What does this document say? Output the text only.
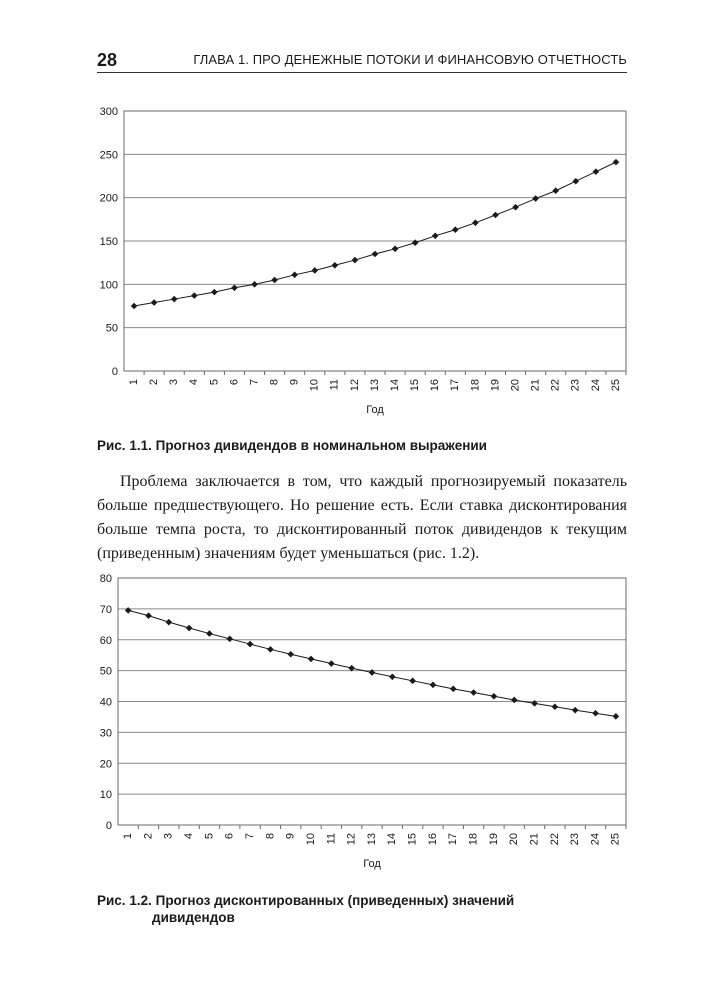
28	ГЛАВА 1. ПРО ДЕНЕЖНЫЕ ПОТОКИ И ФИНАНСОВУЮ ОТЧЕТНОСТЬ
0
50
100
150
200
250
300
1 2 3 4 5 6 7 8 9 10 11 12 13 14 15 16 17 18 19 20 21 22 23 24 25
Год
Рис. 1.1. Прогноз дивидендов в номинальном выражении

Проблема заключается в том, что каждый прогнозируемый показатель больше предшествующего. Но решение есть. Если ставка дисконтирования больше темпа роста, то дисконтированный поток дивидендов к текущим (приведенным) значениям будет уменьшаться (рис. 1.2).

0
10
20
30
40
50
60
70
80
1 2 3 4 5 6 7 8 9 10 11 12 13 14 15 16 17 18 19 20 21 22 23 24 25
Год
Рис. 1.2. Прогноз дисконтированных (приведенных) значений
дивидендов
